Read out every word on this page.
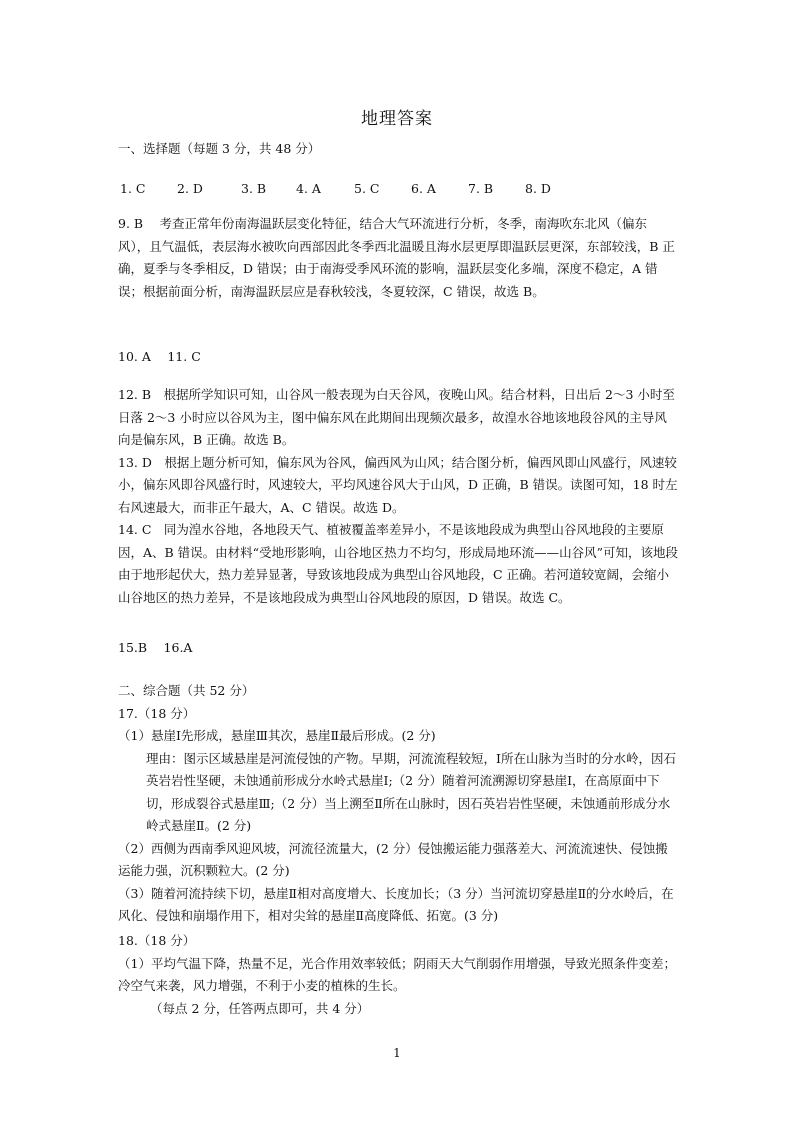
地理答案
一、选择题（每题 3 分，共 48 分）
1. C	2. D	3. B 4. A	5. C	6. A	7. B	8. D

9. B　 考查正常年份南海温跃层变化特征，结合大气环流进行分析，冬季，南海吹东北风（偏东风），且气温低，表层海水被吹向西部因此冬季西北温暖且海水层更厚即温跃层更深，东部较浅，B 正确，夏季与冬季相反，D 错误；由于南海受季风环流的影响，温跃层变化多端，深度不稳定，A 错误；根据前面分析，南海温跃层应是春秋较浅，冬夏较深，C 错误，故选 B。

10. A　 11. C

12. B　根据所学知识可知，山谷风一般表现为白天谷风，夜晚山风。结合材料，日出后 2～3 小时至日落 2～3 小时应以谷风为主，图中偏东风在此期间出现频次最多，故湟水谷地该地段谷风的主导风向是偏东风，B 正确。故选 B。

13. D　根据上题分析可知，偏东风为谷风，偏西风为山风；结合图分析，偏西风即山风盛行，风速较小，偏东风即谷风盛行时，风速较大，平均风速谷风大于山风，D 正确，B 错误。读图可知，18 时左右风速最大，而非正午最大，A、C 错误。故选 D。

14. C　同为湟水谷地，各地段天气、植被覆盖率差异小，不是该地段成为典型山谷风地段的主要原因，A、B 错误。由材料“受地形影响，山谷地区热力不均匀，形成局地环流——山谷风”可知，该地段由于地形起伏大，热力差异显著，导致该地段成为典型山谷风地段，C 正确。若河道较宽阔，会缩小山谷地区的热力差异，不是该地段成为典型山谷风地段的原因，D 错误。故选 C。

15.B　 16.A

二、综合题（共 52 分）

17.（18 分）

（1）悬崖Ⅰ先形成，悬崖Ⅲ其次，悬崖Ⅱ最后形成。(2 分)

理由：图示区域悬崖是河流侵蚀的产物。早期，河流流程较短，Ⅰ所在山脉为当时的分水岭，因石英岩岩性坚硬，未蚀通前形成分水岭式悬崖Ⅰ;（2 分）随着河流溯源切穿悬崖Ⅰ，在高原面中下切，形成裂谷式悬崖Ⅲ;（2 分）当上溯至Ⅱ所在山脉时，因石英岩岩性坚硬，未蚀通前形成分水岭式悬崖Ⅱ。(2 分)

（2）西侧为西南季风迎风坡，河流径流量大，(2 分）侵蚀搬运能力强落差大、河流流速快、侵蚀搬运能力强，沉积颗粒大。(2 分)

（3）随着河流持续下切，悬崖Ⅱ相对高度增大、长度加长；（3 分）当河流切穿悬崖Ⅱ的分水岭后，在风化、侵蚀和崩塌作用下，相对尖耸的悬崖Ⅱ高度降低、拓宽。(3 分)

18.（18 分）

（1）平均气温下降，热量不足，光合作用效率较低；阴雨天大气削弱作用增强，导致光照条件变差；冷空气来袭，风力增强，不利于小麦的植株的生长。

（每点 2 分，任答两点即可，共 4 分）

1
